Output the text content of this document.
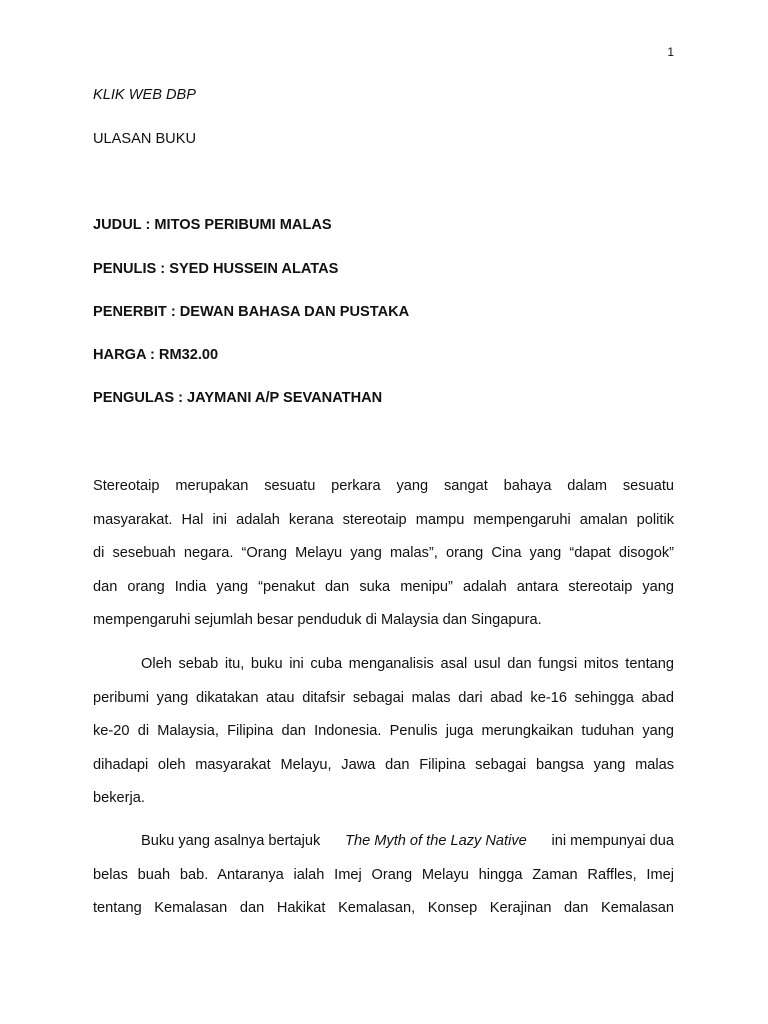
1
KLIK WEB DBP
ULASAN BUKU
JUDUL : MITOS PERIBUMI MALAS
PENULIS : SYED HUSSEIN ALATAS
PENERBIT : DEWAN BAHASA DAN PUSTAKA
HARGA : RM32.00
PENGULAS : JAYMANI A/P SEVANATHAN
Stereotaip merupakan sesuatu perkara yang sangat bahaya dalam sesuatu
masyarakat. Hal ini adalah kerana stereotaip mampu mempengaruhi amalan politik
di sesebuah negara. “Orang Melayu yang malas”, orang Cina yang “dapat disogok”
dan orang India yang “penakut dan suka menipu” adalah antara stereotaip yang
mempengaruhi sejumlah besar penduduk di Malaysia dan Singapura.
Oleh sebab itu, buku ini cuba menganalisis asal usul dan fungsi mitos tentang
peribumi yang dikatakan atau ditafsir sebagai malas dari abad ke-16 sehingga abad
ke-20 di Malaysia, Filipina dan Indonesia. Penulis juga merungkaikan tuduhan yang
dihadapi oleh masyarakat Melayu, Jawa dan Filipina sebagai bangsa yang malas
bekerja.
Buku yang asalnya bertajuk The Myth of the Lazy Native ini mempunyai dua
belas buah bab. Antaranya ialah Imej Orang Melayu hingga Zaman Raffles, Imej
tentang Kemalasan dan Hakikat Kemalasan, Konsep Kerajinan dan Kemalasan
